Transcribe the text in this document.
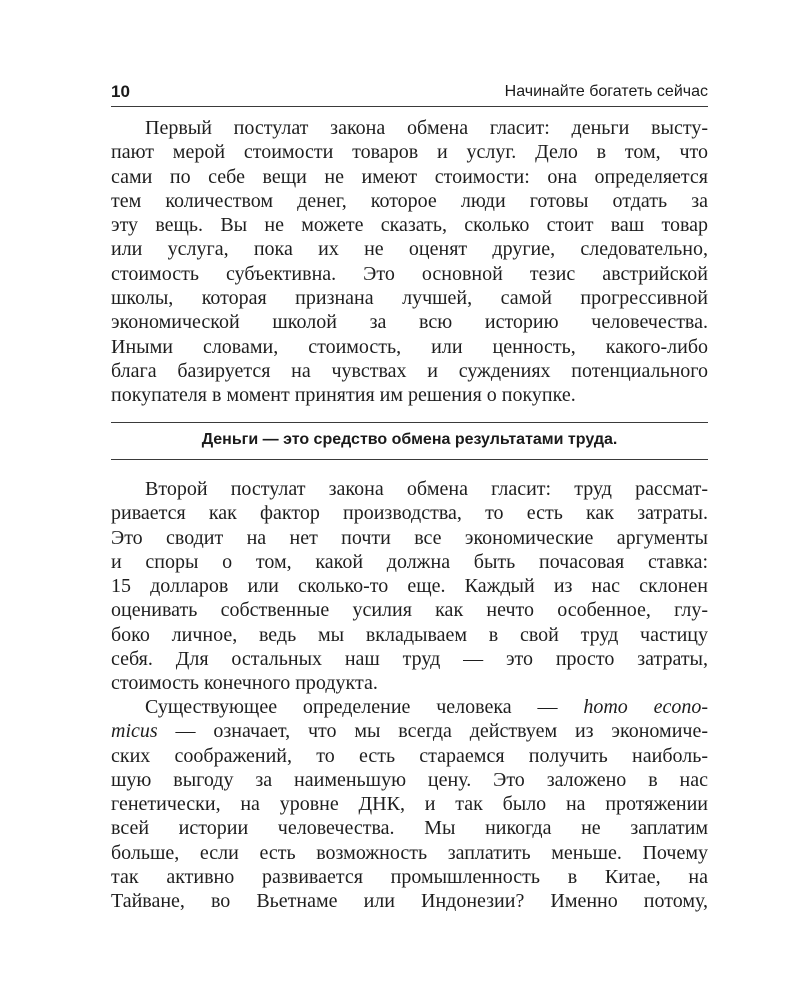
10	Начинайте богатеть сейчас
Первый постулат закона обмена гласит: деньги высту-
пают мерой стоимости товаров и услуг. Дело в том, что
сами по себе вещи не имеют стоимости: она определяется
тем количеством денег, которое люди готовы отдать за
эту вещь. Вы не можете сказать, сколько стоит ваш товар
или услуга, пока их не оценят другие, следовательно,
стоимость субъективна. Это основной тезис австрийской
школы, которая признана лучшей, самой прогрессивной
экономической школой за всю историю человечества.
Иными словами, стоимость, или ценность, какого-либо
блага базируется на чувствах и суждениях потенциального
покупателя в момент принятия им решения о покупке.
Деньги — это средство обмена результатами труда.
Второй постулат закона обмена гласит: труд рассмат-
ривается как фактор производства, то есть как затраты.
Это сводит на нет почти все экономические аргументы
и споры о том, какой должна быть почасовая ставка:
15 долларов или сколько-то еще. Каждый из нас склонен
оценивать собственные усилия как нечто особенное, глу-
боко личное, ведь мы вкладываем в свой труд частицу
себя. Для остальных наш труд — это просто затраты,
стоимость конечного продукта.
Существующее определение человека — homo econo-
micus — означает, что мы всегда действуем из экономиче-
ских соображений, то есть стараемся получить наиболь-
шую выгоду за наименьшую цену. Это заложено в нас
генетически, на уровне ДНК, и так было на протяжении
всей истории человечества. Мы никогда не заплатим
больше, если есть возможность заплатить меньше. Почему
так активно развивается промышленность в Китае, на
Тайване, во Вьетнаме или Индонезии? Именно потому,
